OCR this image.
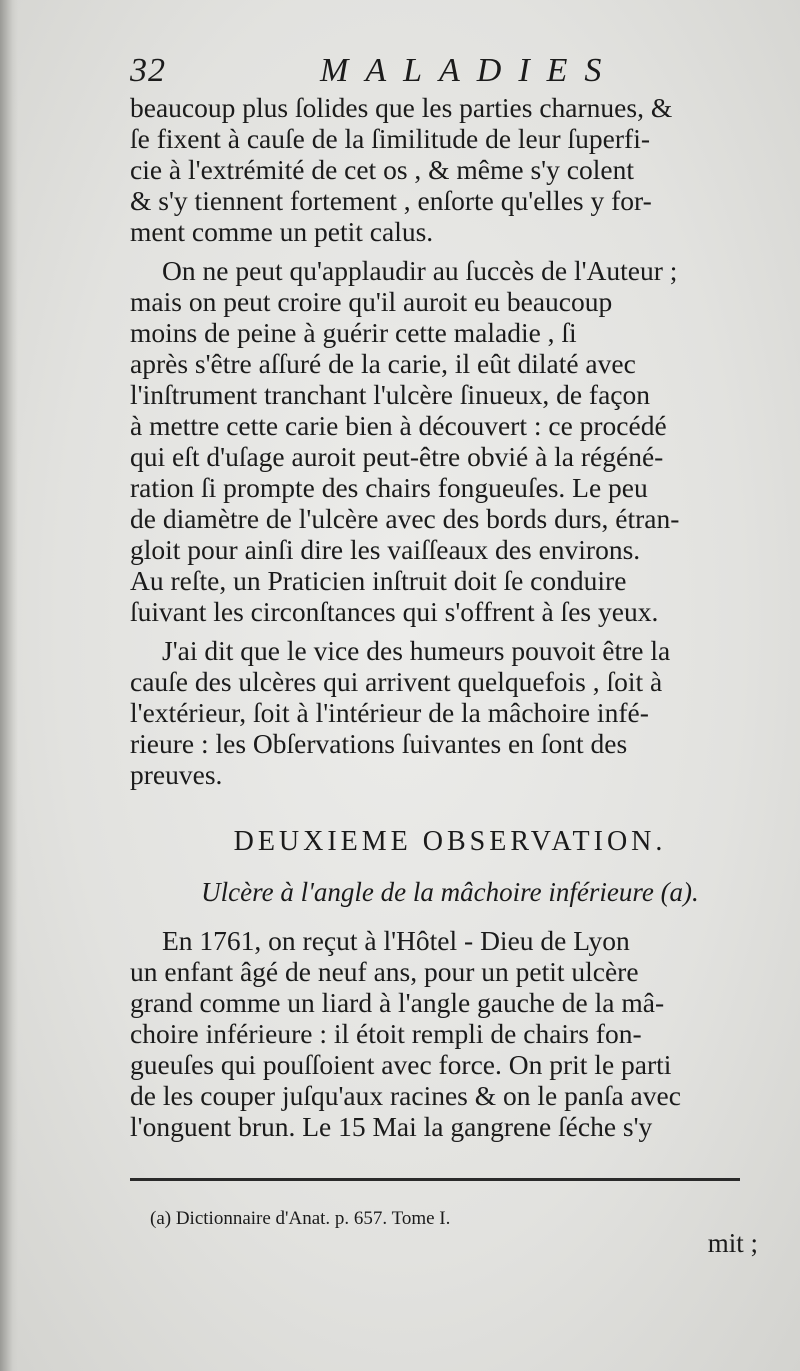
32	MALADIES
beaucoup plus ſolides que les parties charnues, &
ſe fixent à cauſe de la ſimilitude de leur ſuperfi-
cie à l'extrémité de cet os , & même s'y colent
& s'y tiennent fortement , enſorte qu'elles y for-
ment comme un petit calus.
On ne peut qu'applaudir au ſuccès de l'Auteur ;
mais on peut croire qu'il auroit eu beaucoup
moins de peine à guérir cette maladie , ſi
après s'être aſſuré de la carie, il eût dilaté avec
l'inſtrument tranchant l'ulcère ſinueux, de façon
à mettre cette carie bien à découvert : ce procédé
qui eſt d'uſage auroit peut-être obvié à la régéné-
ration ſi prompte des chairs fongueuſes. Le peu
de diamètre de l'ulcère avec des bords durs, étran-
gloit pour ainſi dire les vaiſſeaux des environs.
Au reſte, un Praticien inſtruit doit ſe conduire
ſuivant les circonſtances qui s'offrent à ſes yeux.
J'ai dit que le vice des humeurs pouvoit être la
cauſe des ulcères qui arrivent quelquefois , ſoit à
l'extérieur, ſoit à l'intérieur de la mâchoire infé-
rieure : les Obſervations ſuivantes en ſont des
preuves.
DEUXIEME OBSERVATION.
Ulcère à l'angle de la mâchoire inférieure (a).
En 1761, on reçut à l'Hôtel - Dieu de Lyon
un enfant âgé de neuf ans, pour un petit ulcère
grand comme un liard à l'angle gauche de la mâ-
choire inférieure : il étoit rempli de chairs fon-
gueuſes qui pouſſoient avec force. On prit le parti
de les couper juſqu'aux racines & on le panſa avec
l'onguent brun. Le 15 Mai la gangrene ſéche s'y
(a) Dictionnaire d'Anat. p. 657. Tome I.
mit ;
